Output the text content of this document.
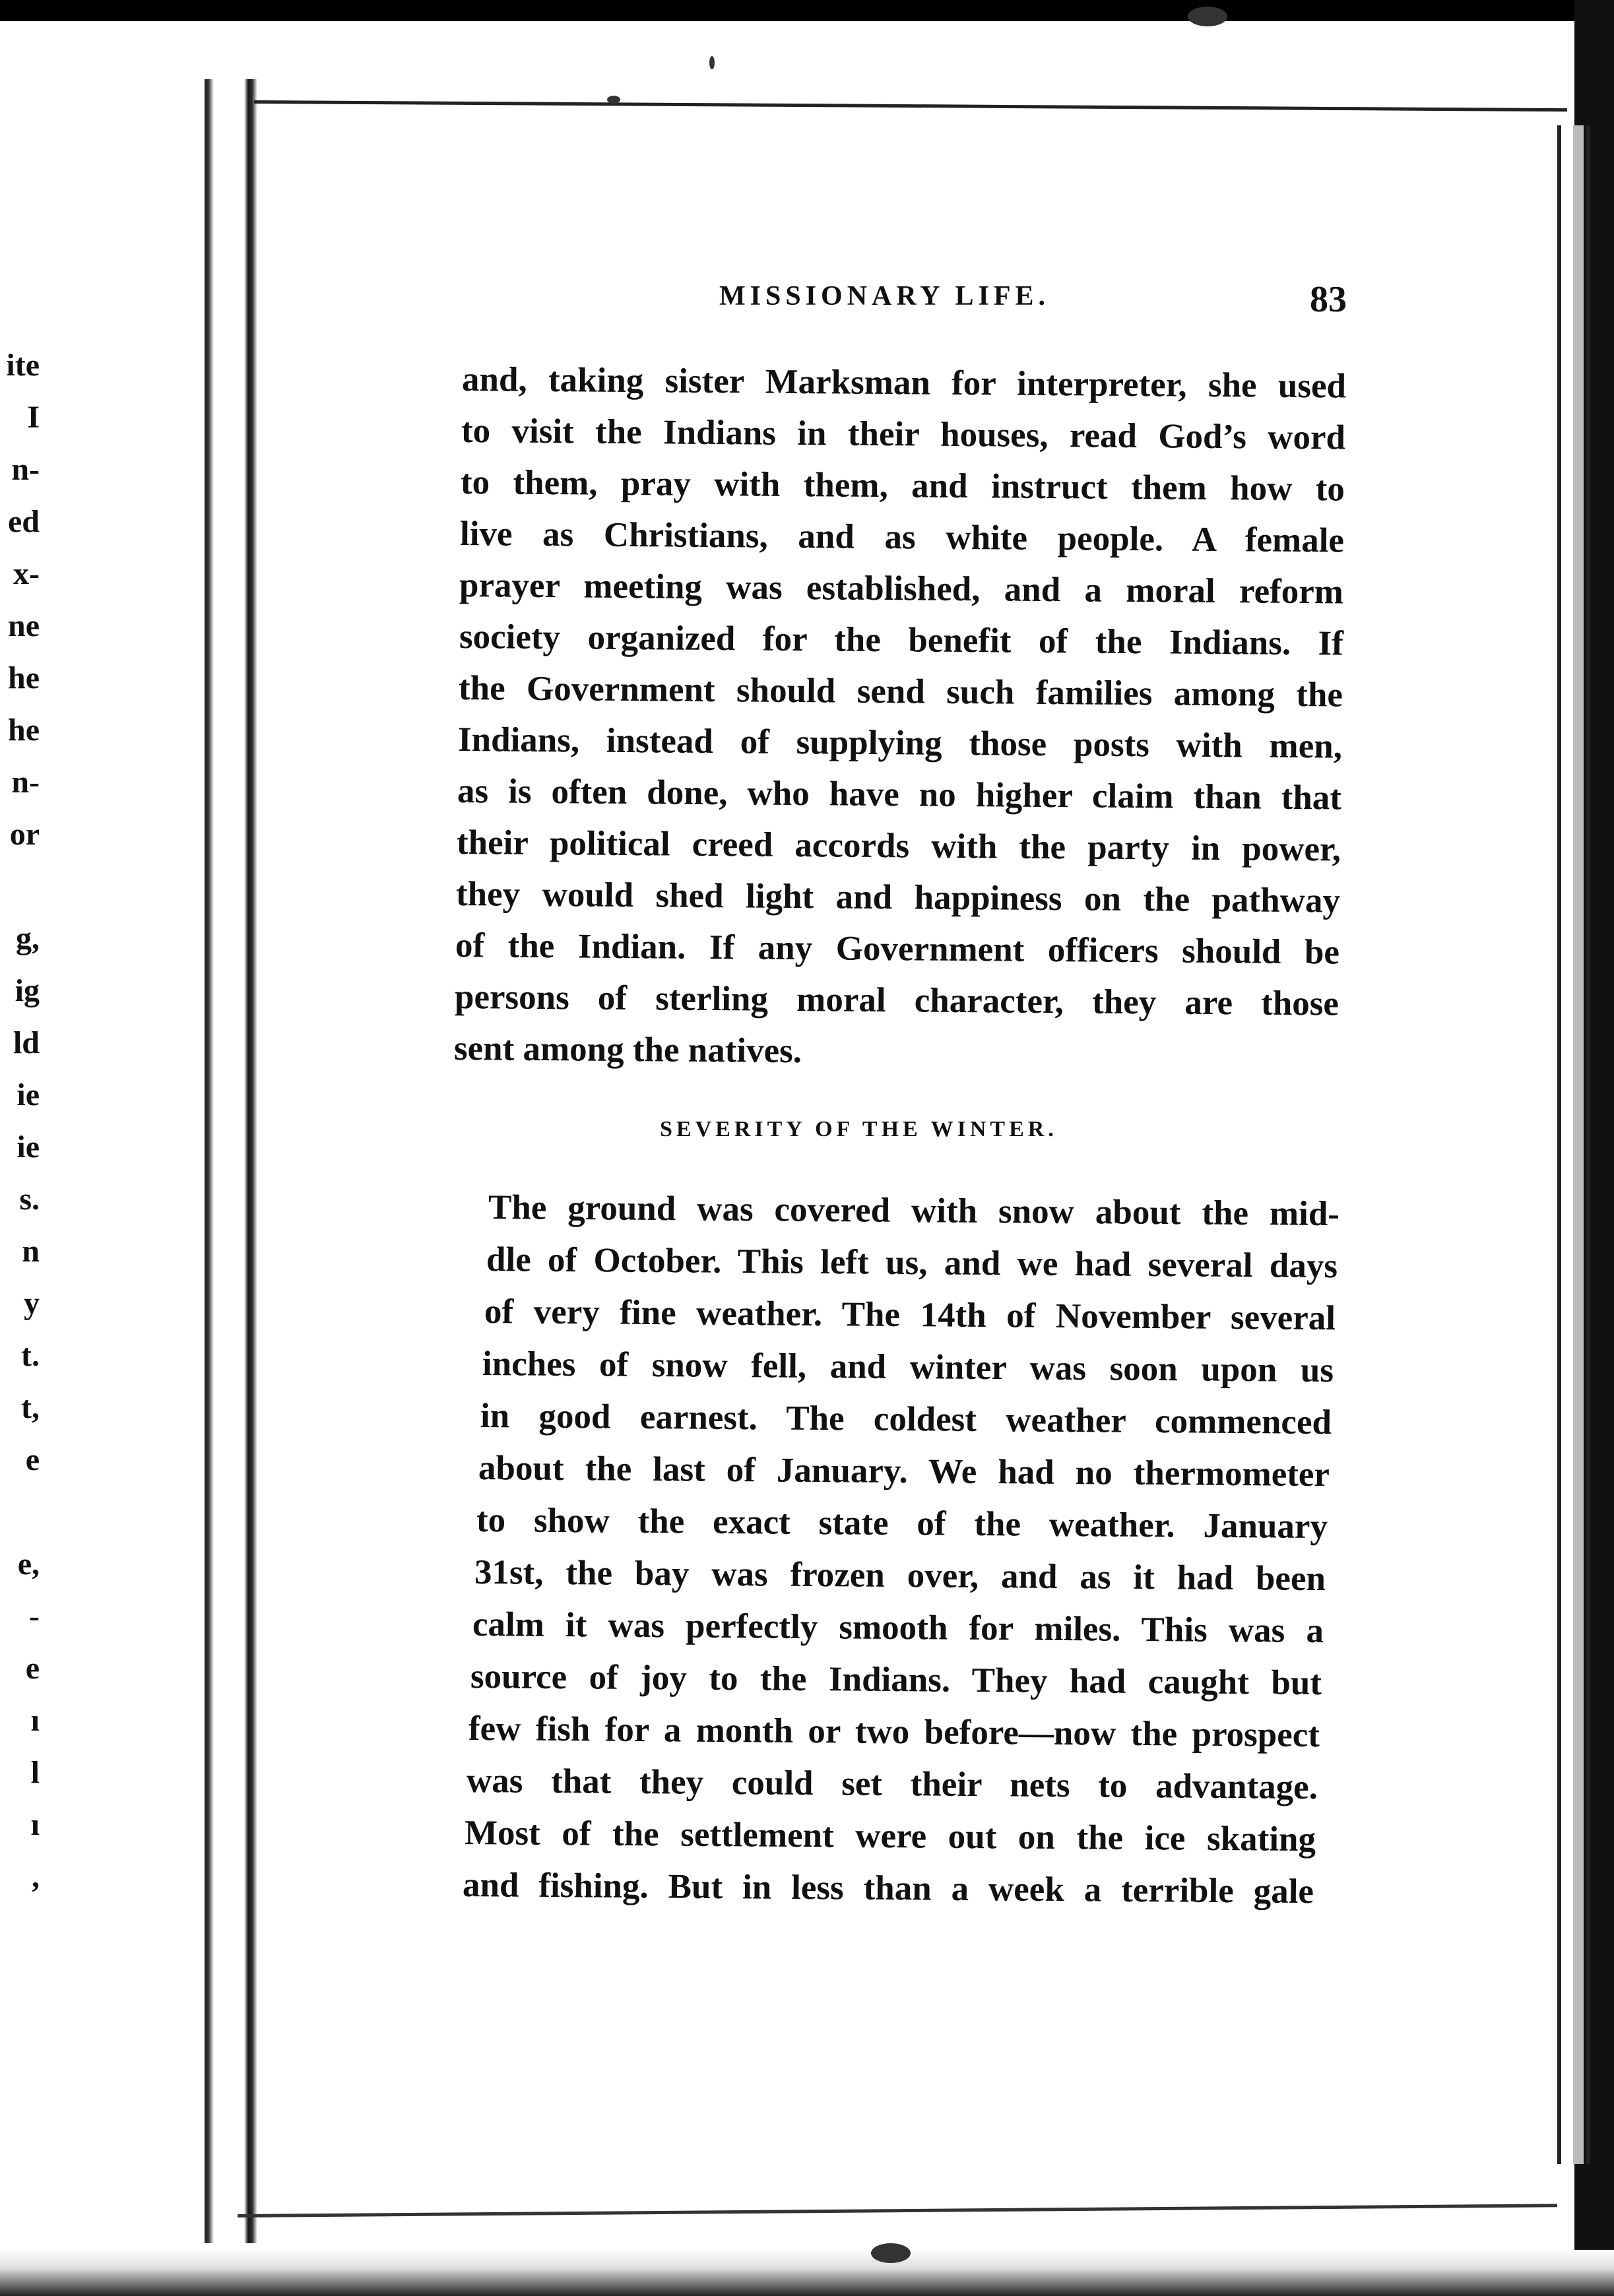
ite
I
n-
ed
x-
ne
he
he
n-
or
g,
ig
ld
ie
ie
s.
n
y
t.
t,
e
e,
-
e
ı
l
ı
,
MISSIONARY LIFE.	83
and, taking sister Marksman for interpreter, she used
to visit the Indians in their houses, read God’s word
to them, pray with them, and instruct them how to
live as Christians, and as white people. A female
prayer meeting was established, and a moral reform
society organized for the benefit of the Indians. If
the Government should send such families among the
Indians, instead of supplying those posts with men,
as is often done, who have no higher claim than that
their political creed accords with the party in power,
they would shed light and happiness on the pathway
of the Indian. If any Government officers should be
persons of sterling moral character, they are those
sent among the natives.
SEVERITY OF THE WINTER.
The ground was covered with snow about the mid-
dle of October. This left us, and we had several days
of very fine weather. The 14th of November several
inches of snow fell, and winter was soon upon us
in good earnest. The coldest weather commenced
about the last of January. We had no thermometer
to show the exact state of the weather. January
31st, the bay was frozen over, and as it had been
calm it was perfectly smooth for miles. This was a
source of joy to the Indians. They had caught but
few fish for a month or two before—now the prospect
was that they could set their nets to advantage.
Most of the settlement were out on the ice skating
and fishing. But in less than a week a terrible gale
